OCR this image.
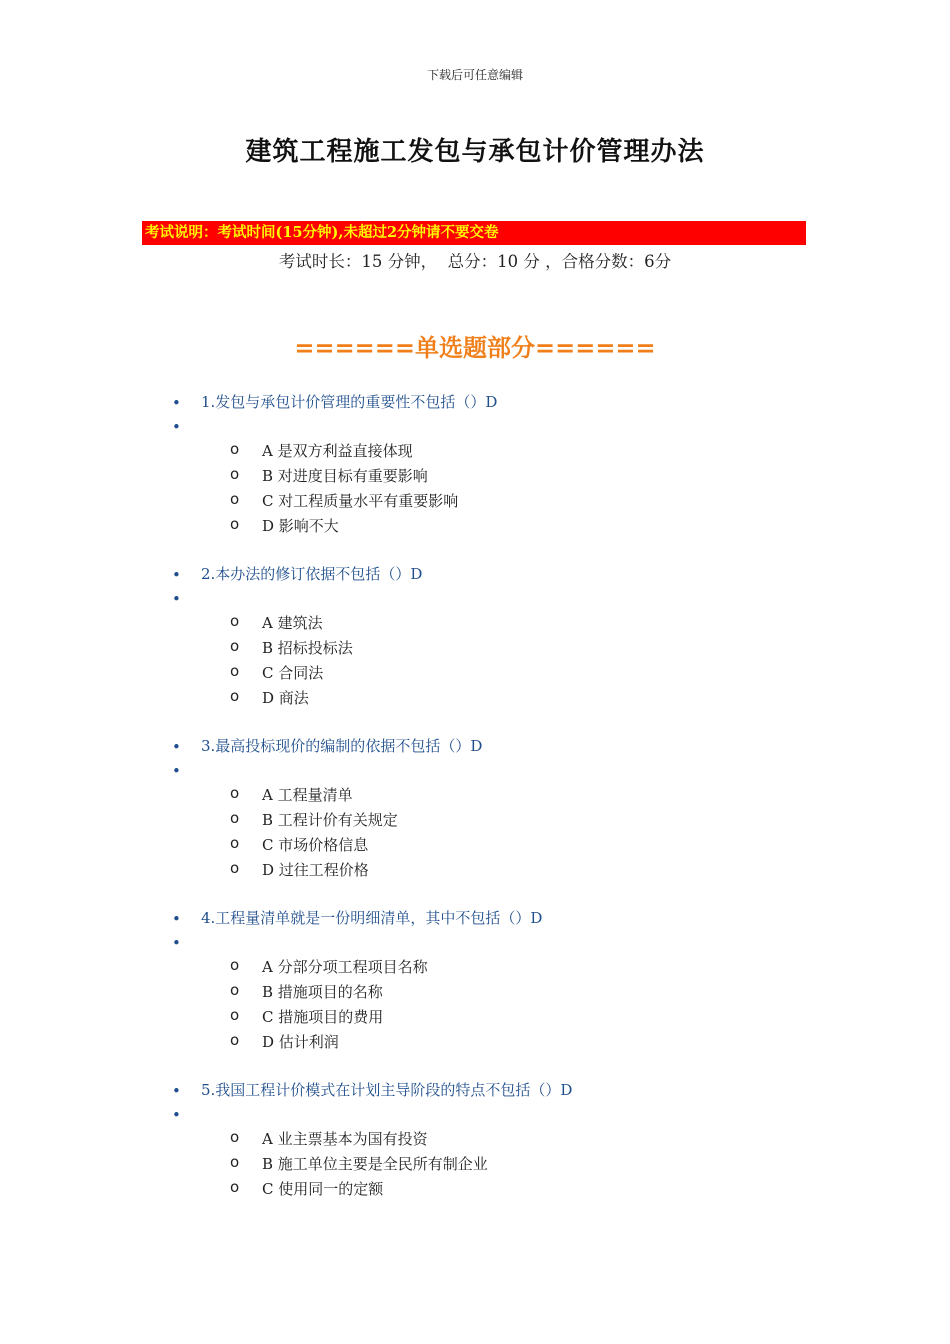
下载后可任意编辑
建筑工程施工发包与承包计价管理办法
考试说明：考试时间(15分钟),未超过2分钟请不要交卷
考试时长：15 分钟，  总分：10 分 ，合格分数：6分
======单选题部分======
• 1.发包与承包计价管理的重要性不包括（）D
•
o A 是双方利益直接体现
o B 对进度目标有重要影响
o C 对工程质量水平有重要影响
o D 影响不大
• 2.本办法的修订依据不包括（）D
•
o A 建筑法
o B 招标投标法
o C 合同法
o D 商法
• 3.最高投标现价的编制的依据不包括（）D
•
o A 工程量清单
o B 工程计价有关规定
o C 市场价格信息
o D 过往工程价格
• 4.工程量清单就是一份明细清单，其中不包括（）D
•
o A 分部分项工程项目名称
o B 措施项目的名称
o C 措施项目的费用
o D 估计利润
• 5.我国工程计价模式在计划主导阶段的特点不包括（）D
•
o A 业主票基本为国有投资
o B 施工单位主要是全民所有制企业
o C 使用同一的定额
